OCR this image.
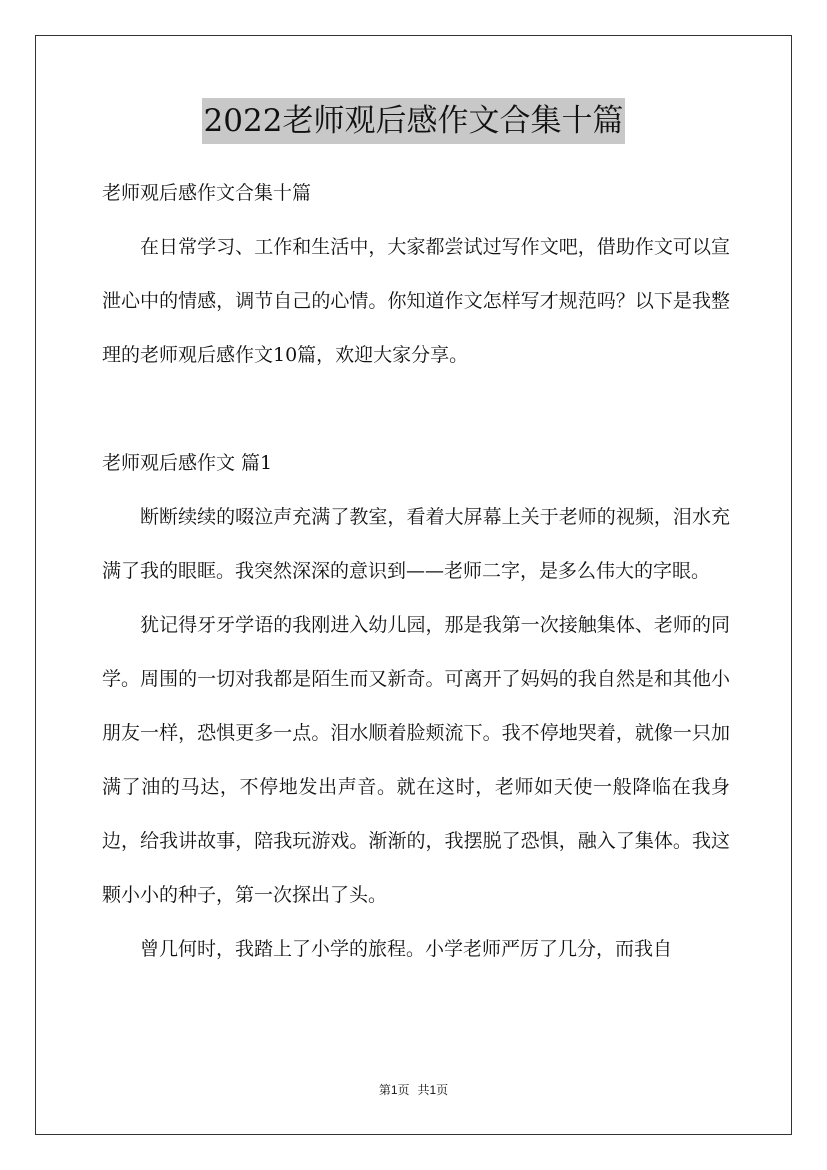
2022老师观后感作文合集十篇

老师观后感作文合集十篇

在日常学习、工作和生活中，大家都尝试过写作文吧，借助作文可以宣泄心中的情感，调节自己的心情。你知道作文怎样写才规范吗？以下是我整理的老师观后感作文10篇，欢迎大家分享。

老师观后感作文 篇1

断断续续的啜泣声充满了教室，看着大屏幕上关于老师的视频，泪水充满了我的眼眶。我突然深深的意识到——老师二字，是多么伟大的字眼。

犹记得牙牙学语的我刚进入幼儿园，那是我第一次接触集体、老师的同学。周围的一切对我都是陌生而又新奇。可离开了妈妈的我自然是和其他小朋友一样，恐惧更多一点。泪水顺着脸颊流下。我不停地哭着，就像一只加满了油的马达，不停地发出声音。就在这时，老师如天使一般降临在我身边，给我讲故事，陪我玩游戏。渐渐的，我摆脱了恐惧，融入了集体。我这颗小小的种子，第一次探出了头。

曾几何时，我踏上了小学的旅程。小学老师严厉了几分，而我自

第1页 共1页
